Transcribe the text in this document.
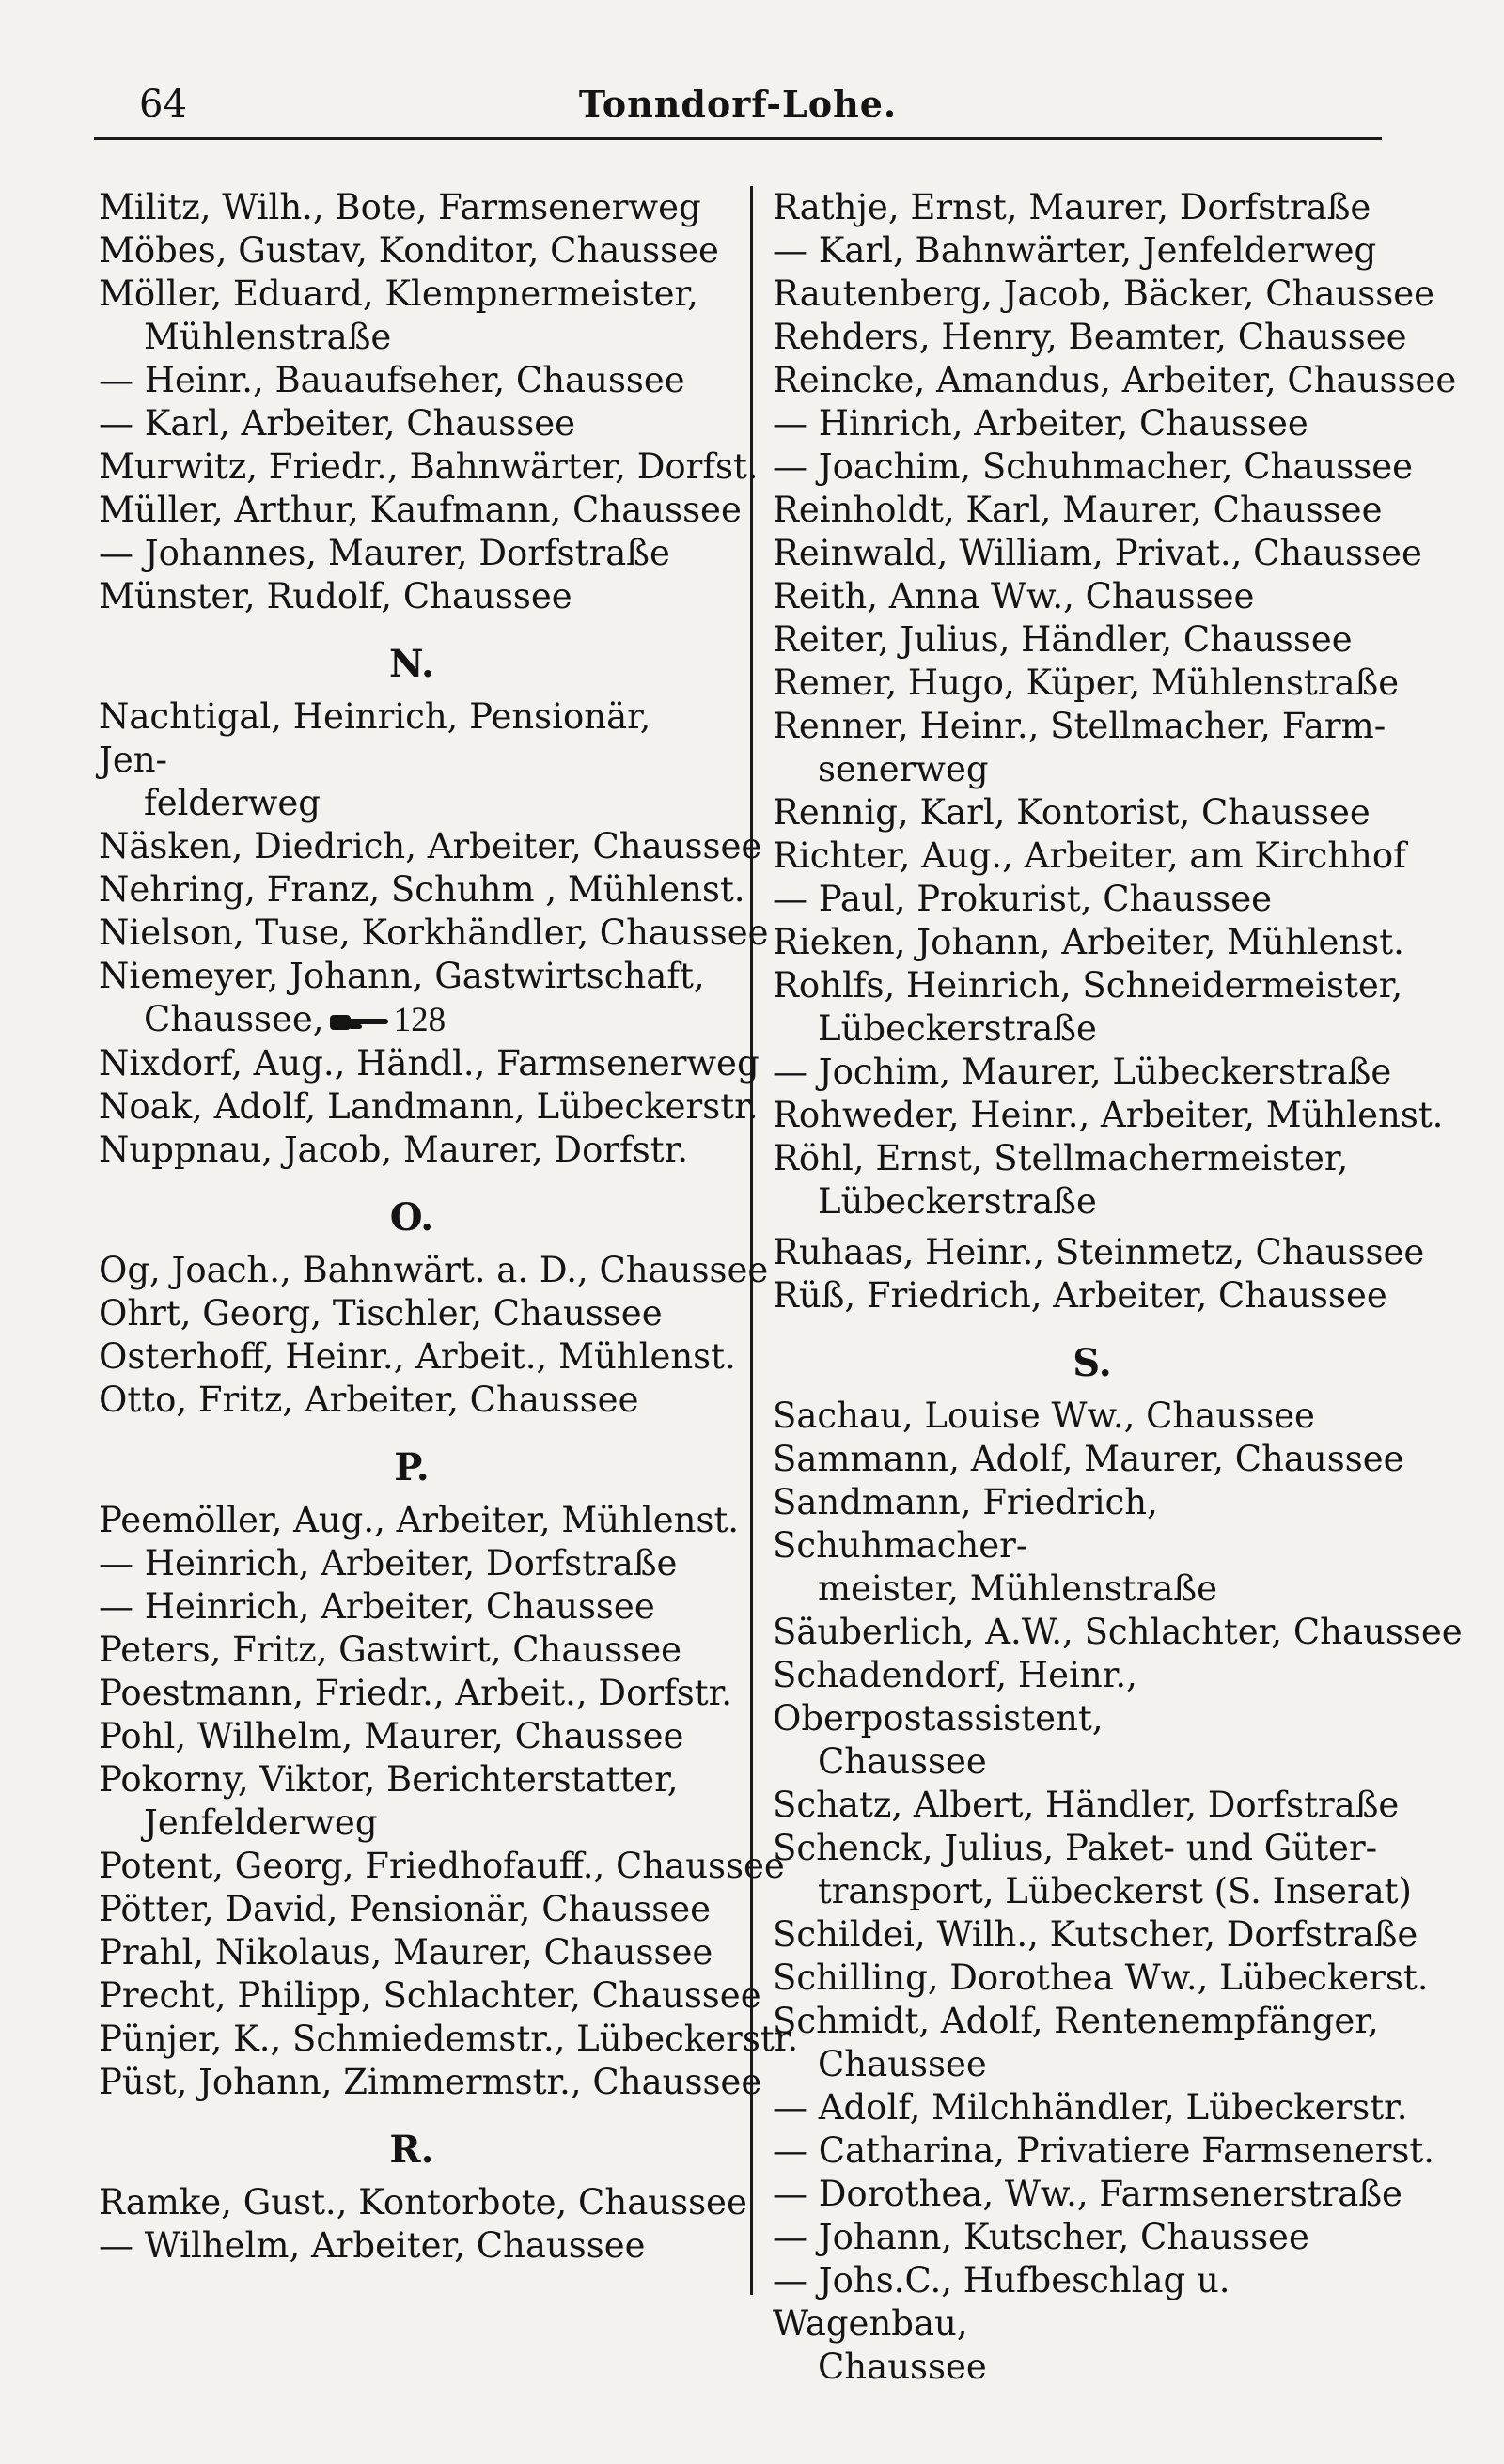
64	Tonndorf-Lohe.
Militz, Wilh., Bote, Farmsenerweg
Möbes, Gustav, Konditor, Chaussee
Möller, Eduard, Klempnermeister,
Mühlenstraße
— Heinr., Bauaufseher, Chaussee
— Karl, Arbeiter, Chaussee
Murwitz, Friedr., Bahnwärter, Dorfst.
Müller, Arthur, Kaufmann, Chaussee
— Johannes, Maurer, Dorfstraße
Münster, Rudolf, Chaussee
N.
Nachtigal, Heinrich, Pensionär, Jen-
felderweg
Näsken, Diedrich, Arbeiter, Chaussee
Nehring, Franz, Schuhm , Mühlenst.
Nielson, Tuse, Korkhändler, Chaussee
Niemeyer, Johann, Gastwirtschaft,
Chaussee, 128
Nixdorf, Aug., Händl., Farmsenerweg
Noak, Adolf, Landmann, Lübeckerstr.
Nuppnau, Jacob, Maurer, Dorfstr.
O.
Og, Joach., Bahnwärt. a. D., Chaussee
Ohrt, Georg, Tischler, Chaussee
Osterhoff, Heinr., Arbeit., Mühlenst.
Otto, Fritz, Arbeiter, Chaussee
P.
Peemöller, Aug., Arbeiter, Mühlenst.
— Heinrich, Arbeiter, Dorfstraße
— Heinrich, Arbeiter, Chaussee
Peters, Fritz, Gastwirt, Chaussee
Poestmann, Friedr., Arbeit., Dorfstr.
Pohl, Wilhelm, Maurer, Chaussee
Pokorny, Viktor, Berichterstatter,
Jenfelderweg
Potent, Georg, Friedhofauff., Chaussee
Pötter, David, Pensionär, Chaussee
Prahl, Nikolaus, Maurer, Chaussee
Precht, Philipp, Schlachter, Chaussee
Pünjer, K., Schmiedemstr., Lübeckerstr.
Püst, Johann, Zimmermstr., Chaussee
R.
Ramke, Gust., Kontorbote, Chaussee
— Wilhelm, Arbeiter, Chaussee
Rathje, Ernst, Maurer, Dorfstraße
— Karl, Bahnwärter, Jenfelderweg
Rautenberg, Jacob, Bäcker, Chaussee
Rehders, Henry, Beamter, Chaussee
Reincke, Amandus, Arbeiter, Chaussee
— Hinrich, Arbeiter, Chaussee
— Joachim, Schuhmacher, Chaussee
Reinholdt, Karl, Maurer, Chaussee
Reinwald, William, Privat., Chaussee
Reith, Anna Ww., Chaussee
Reiter, Julius, Händler, Chaussee
Remer, Hugo, Küper, Mühlenstraße
Renner, Heinr., Stellmacher, Farm-
senerweg
Rennig, Karl, Kontorist, Chaussee
Richter, Aug., Arbeiter, am Kirchhof
— Paul, Prokurist, Chaussee
Rieken, Johann, Arbeiter, Mühlenst.
Rohlfs, Heinrich, Schneidermeister,
Lübeckerstraße
— Jochim, Maurer, Lübeckerstraße
Rohweder, Heinr., Arbeiter, Mühlenst.
Röhl, Ernst, Stellmachermeister,
Lübeckerstraße
Ruhaas, Heinr., Steinmetz, Chaussee
Rüß, Friedrich, Arbeiter, Chaussee
S.
Sachau, Louise Ww., Chaussee
Sammann, Adolf, Maurer, Chaussee
Sandmann, Friedrich, Schuhmacher-
meister, Mühlenstraße
Säuberlich, A.W., Schlachter, Chaussee
Schadendorf, Heinr., Oberpostassistent,
Chaussee
Schatz, Albert, Händler, Dorfstraße
Schenck, Julius, Paket- und Güter-
transport, Lübeckerst (S. Inserat)
Schildei, Wilh., Kutscher, Dorfstraße
Schilling, Dorothea Ww., Lübeckerst.
Schmidt, Adolf, Rentenempfänger,
Chaussee
— Adolf, Milchhändler, Lübeckerstr.
— Catharina, Privatiere Farmsenerst.
— Dorothea, Ww., Farmsenerstraße
— Johann, Kutscher, Chaussee
— Johs.C., Hufbeschlag u. Wagenbau,
Chaussee
